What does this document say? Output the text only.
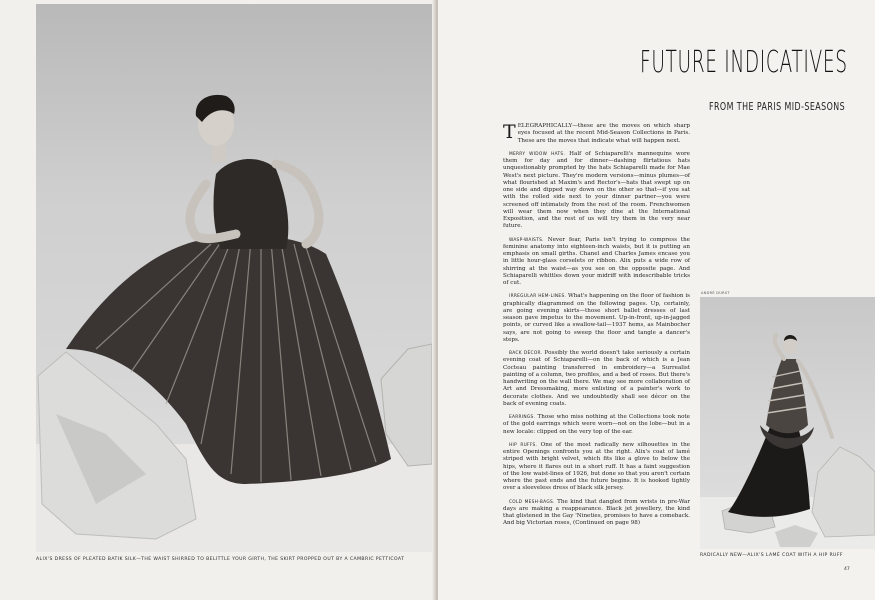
ALIX'S DRESS OF PLEATED BATIK SILK—THE WAIST SHIRRED TO BELITTLE YOUR GIRTH, THE SKIRT PROPPED OUT BY A CAMBRIC PETTICOAT
FUTURE INDICATIVES
FROM THE PARIS MID-SEASONS

TELEGRAPHICALLY—these are the moves on which sharp eyes focused at the recent Mid-Season Collections in Paris. These are the moves that indicate what will happen next.

MERRY WIDOW HATS. Half of Schiaparelli's mannequins wore them for day and for dinner—dashing flirtatious hats unquestionably prompted by the hats Schiaparelli made for Mae West's next picture. They're modern versions—minus plumes—of what flourished at Maxim's and Rector's—hats that swept up on one side and dipped way down on the other so that—if you sat with the rolled side next to your dinner partner—you were screened off intimately from the rest of the room. Frenchwomen will wear them now when they dine at the International Exposition, and the rest of us will try them in the very near future.

WASP-WAISTS. Never fear, Paris isn't trying to compress the feminine anatomy into eighteen-inch waists, but it is putting an emphasis on small girths. Chanel and Charles James encase you in little hour-glass corselets or ribbon. Alix puts a wide row of shirring at the waist—as you see on the opposite page. And Schiaparelli whittles down your midriff with indescribable tricks of cut.

IRREGULAR HEM-LINES. What's happening on the floor of fashion is graphically diagrammed on the following pages. Up, certainly, are going evening skirts—those short ballet dresses of last season gave impetus to the movement. Up-in-front, up-in-jagged points, or curved like a swallow-tail—1937 hems, as Mainbocher says, are not going to sweep the floor and tangle a dancer's steps.

BACK DÉCOR. Possibly the world doesn't take seriously a certain evening coat of Schiaparelli—on the back of which is a Jean Cocteau painting transferred in embroidery—a Surrealist painting of a column, two profiles, and a bed of roses. But there's handwriting on the wall there. We may see more collaboration of Art and Dressmaking, more enlisting of a painter's work to decorate clothes. And we undoubtedly shall see décor on the back of evening coats.

EARRINGS. Those who miss nothing at the Collections took note of the gold earrings which were worn—not on the lobe—but in a new locale: clipped on the very top of the ear.

HIP RUFFS. One of the most radically new silhouettes in the entire Openings confronts you at the right. Alix's coat of lamé striped with bright velvet, which fits like a glove to below the hips, where it flares out in a short ruff. It has a faint suggestion of the low waist-lines of 1926, but done so that you aren't certain where the past ends and the future begins. It is hooked tightly over a sleeveless dress of black silk jersey.

COLD MESH-BAGS. The kind that dangled from wrists in pre-War days are making a reappearance. Black jet jewellery, the kind that glistened in the Gay 'Nineties, promises to have a comeback. And big Victorian roses, (Continued on page 98)

ANDRÉ DURST
RADICALLY NEW—ALIX'S LAMÉ COAT WITH A HIP RUFF
47
